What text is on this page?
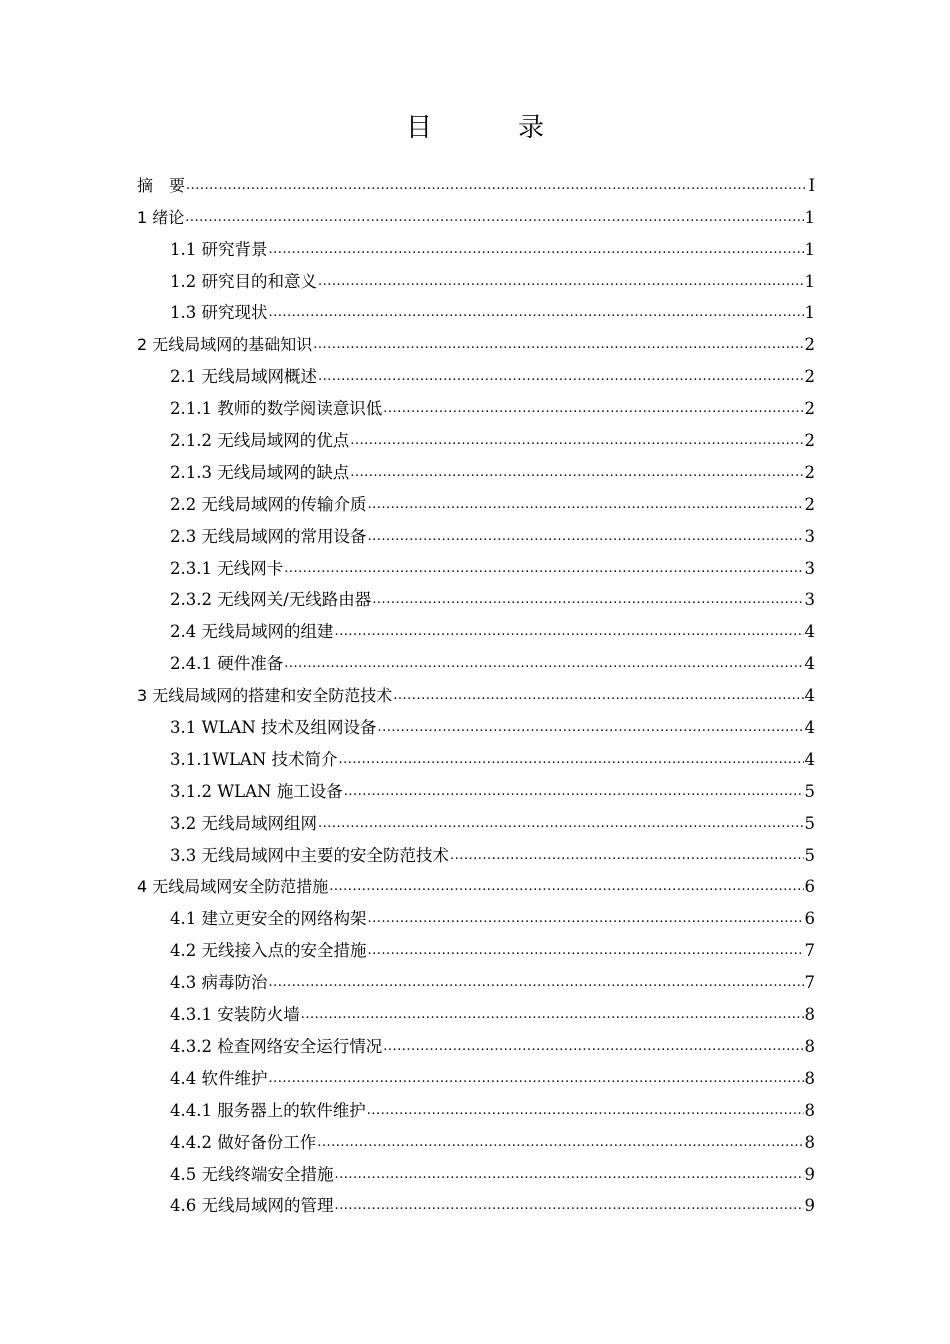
目　录
摘　要 .....	I
1 绪论 .....	1
1.1 研究背景 .....	1
1.2 研究目的和意义 .....	1
1.3 研究现状 .....	1
2 无线局域网的基础知识 .....	2
2.1 无线局域网概述 .....	2
2.1.1 教师的数学阅读意识低 .....	2
2.1.2 无线局域网的优点 .....	2
2.1.3 无线局域网的缺点 .....	2
2.2 无线局域网的传输介质 .....	2
2.3 无线局域网的常用设备 .....	3
2.3.1 无线网卡 .....	3
2.3.2 无线网关/无线路由器 .....	3
2.4 无线局域网的组建 .....	4
2.4.1 硬件准备 .....	4
3 无线局域网的搭建和安全防范技术 .....	4
3.1 WLAN 技术及组网设备 .....	4
3.1.1WLAN 技术简介 .....	4
3.1.2 WLAN 施工设备 .....	5
3.2 无线局域网组网 .....	5
3.3 无线局域网中主要的安全防范技术 .....	5
4 无线局域网安全防范措施 .....	6
4.1 建立更安全的网络构架 .....	6
4.2 无线接入点的安全措施 .....	7
4.3 病毒防治 .....	7
4.3.1 安装防火墙 .....	8
4.3.2 检查网络安全运行情况 .....	8
4.4 软件维护 .....	8
4.4.1 服务器上的软件维护 .....	8
4.4.2 做好备份工作 .....	8
4.5 无线终端安全措施 .....	9
4.6 无线局域网的管理 .....	9
